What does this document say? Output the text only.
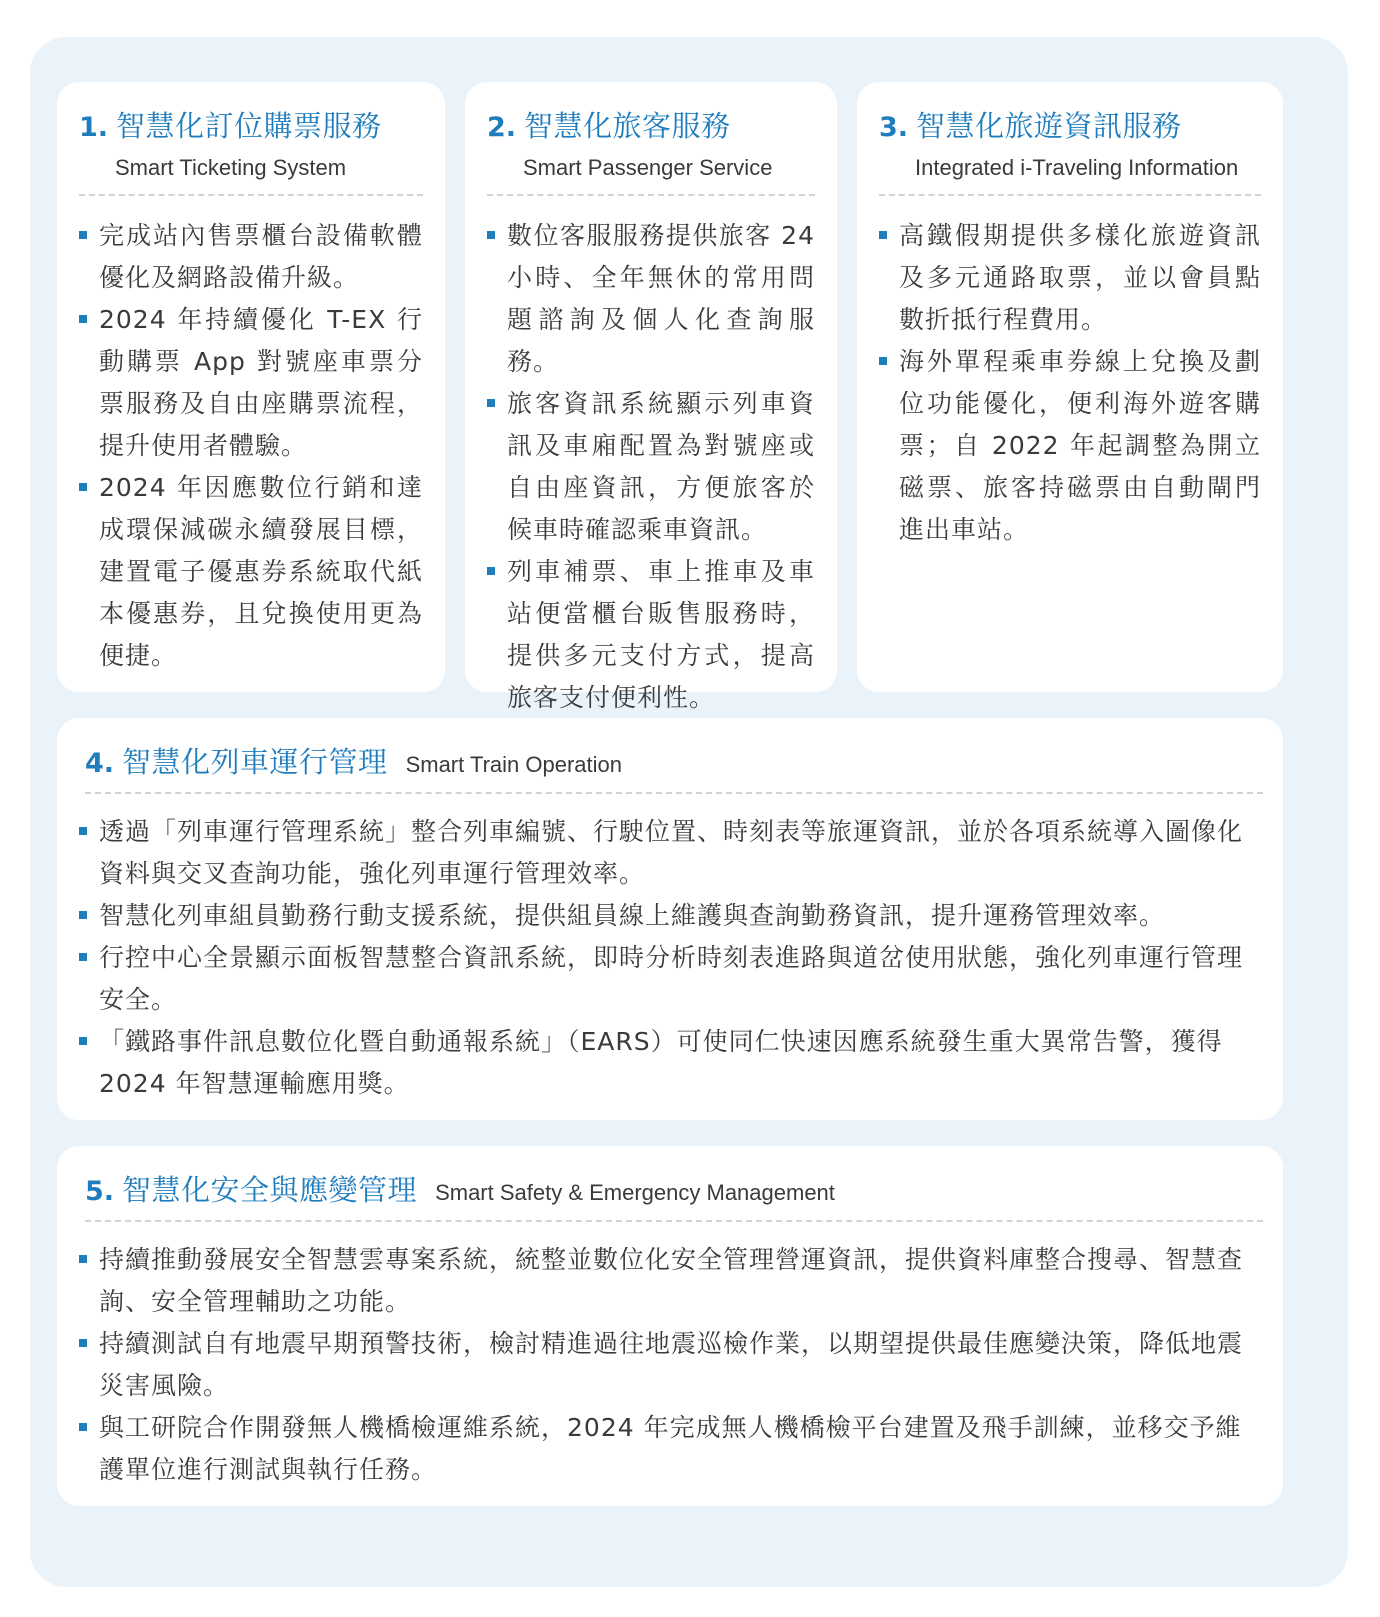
1. 智慧化訂位購票服務
Smart Ticketing System
完成站內售票櫃台設備軟體優化及網路設備升級。
2024 年持續優化 T-EX 行動購票 App 對號座車票分票服務及自由座購票流程，提升使用者體驗。
2024 年因應數位行銷和達成環保減碳永續發展目標，建置電子優惠券系統取代紙本優惠券，且兌換使用更為便捷。
2. 智慧化旅客服務
Smart Passenger Service
數位客服服務提供旅客 24 小時、全年無休的常用問題諮詢及個人化查詢服務。
旅客資訊系統顯示列車資訊及車廂配置為對號座或自由座資訊，方便旅客於候車時確認乘車資訊。
列車補票、車上推車及車站便當櫃台販售服務時，提供多元支付方式，提高旅客支付便利性。
3. 智慧化旅遊資訊服務
Integrated i-Traveling Information
高鐵假期提供多樣化旅遊資訊及多元通路取票，並以會員點數折抵行程費用。
海外單程乘車券線上兌換及劃位功能優化，便利海外遊客購票；自 2022 年起調整為開立磁票、旅客持磁票由自動閘門進出車站。
4. 智慧化列車運行管理 Smart Train Operation
透過「列車運行管理系統」整合列車編號、行駛位置、時刻表等旅運資訊，並於各項系統導入圖像化資料與交叉查詢功能，強化列車運行管理效率。
智慧化列車組員勤務行動支援系統，提供組員線上維護與查詢勤務資訊，提升運務管理效率。
行控中心全景顯示面板智慧整合資訊系統，即時分析時刻表進路與道岔使用狀態，強化列車運行管理安全。
「鐵路事件訊息數位化暨自動通報系統」（EARS）可使同仁快速因應系統發生重大異常告警，獲得 2024 年智慧運輸應用獎。
5. 智慧化安全與應變管理 Smart Safety & Emergency Management
持續推動發展安全智慧雲專案系統，統整並數位化安全管理營運資訊，提供資料庫整合搜尋、智慧查詢、安全管理輔助之功能。
持續測試自有地震早期預警技術，檢討精進過往地震巡檢作業，以期望提供最佳應變決策，降低地震災害風險。
與工研院合作開發無人機橋檢運維系統，2024 年完成無人機橋檢平台建置及飛手訓練，並移交予維護單位進行測試與執行任務。
